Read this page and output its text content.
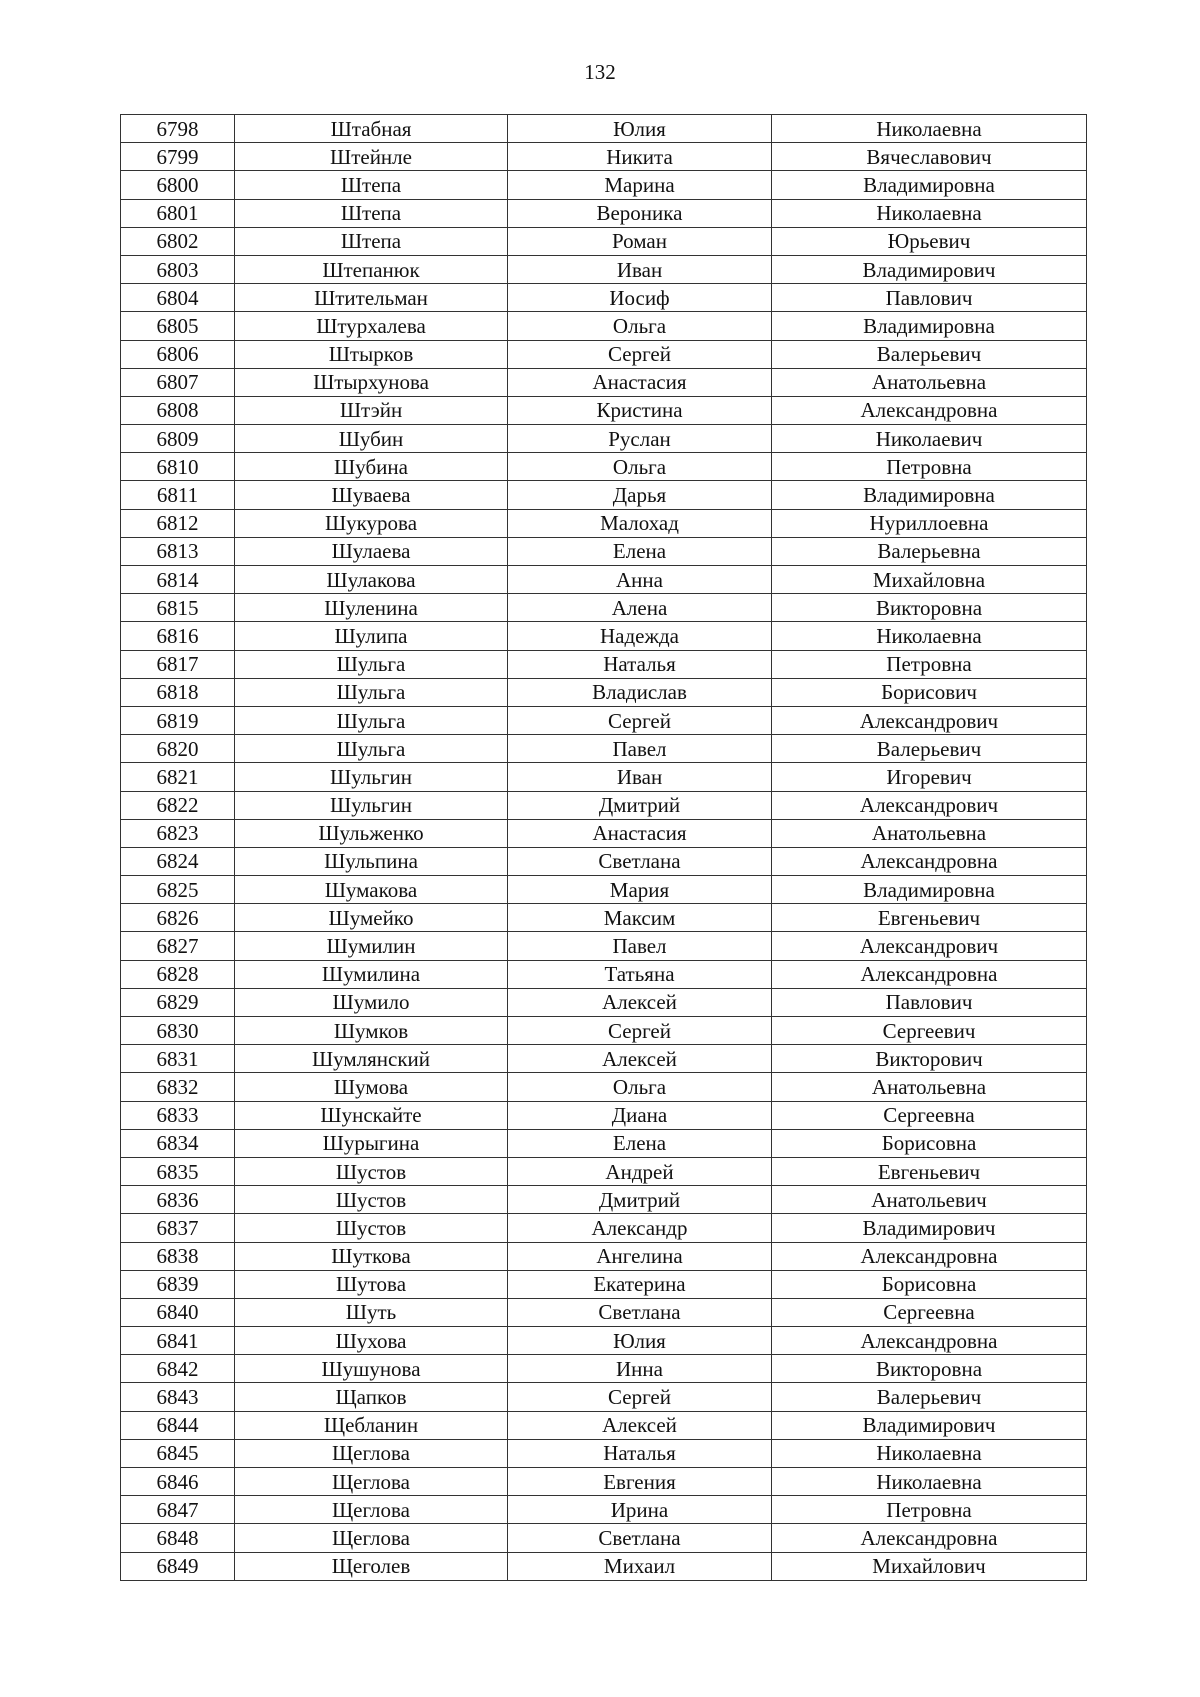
132
6798	Штабная	Юлия	Николаевна
6799	Штейнле	Никита	Вячеславович
6800	Штепа	Марина	Владимировна
6801	Штепа	Вероника	Николаевна
6802	Штепа	Роман	Юрьевич
6803	Штепанюк	Иван	Владимирович
6804	Штительман	Иосиф	Павлович
6805	Штурхалева	Ольга	Владимировна
6806	Штырков	Сергей	Валерьевич
6807	Штырхунова	Анастасия	Анатольевна
6808	Штэйн	Кристина	Александровна
6809	Шубин	Руслан	Николаевич
6810	Шубина	Ольга	Петровна
6811	Шуваева	Дарья	Владимировна
6812	Шукурова	Малохад	Нуриллоевна
6813	Шулаева	Елена	Валерьевна
6814	Шулакова	Анна	Михайловна
6815	Шуленина	Алена	Викторовна
6816	Шулипа	Надежда	Николаевна
6817	Шульга	Наталья	Петровна
6818	Шульга	Владислав	Борисович
6819	Шульга	Сергей	Александрович
6820	Шульга	Павел	Валерьевич
6821	Шульгин	Иван	Игоревич
6822	Шульгин	Дмитрий	Александрович
6823	Шульженко	Анастасия	Анатольевна
6824	Шульпина	Светлана	Александровна
6825	Шумакова	Мария	Владимировна
6826	Шумейко	Максим	Евгеньевич
6827	Шумилин	Павел	Александрович
6828	Шумилина	Татьяна	Александровна
6829	Шумило	Алексей	Павлович
6830	Шумков	Сергей	Сергеевич
6831	Шумлянский	Алексей	Викторович
6832	Шумова	Ольга	Анатольевна
6833	Шунскайте	Диана	Сергеевна
6834	Шурыгина	Елена	Борисовна
6835	Шустов	Андрей	Евгеньевич
6836	Шустов	Дмитрий	Анатольевич
6837	Шустов	Александр	Владимирович
6838	Шуткова	Ангелина	Александровна
6839	Шутова	Екатерина	Борисовна
6840	Шуть	Светлана	Сергеевна
6841	Шухова	Юлия	Александровна
6842	Шушунова	Инна	Викторовна
6843	Щапков	Сергей	Валерьевич
6844	Щебланин	Алексей	Владимирович
6845	Щеглова	Наталья	Николаевна
6846	Щеглова	Евгения	Николаевна
6847	Щеглова	Ирина	Петровна
6848	Щеглова	Светлана	Александровна
6849	Щеголев	Михаил	Михайлович
